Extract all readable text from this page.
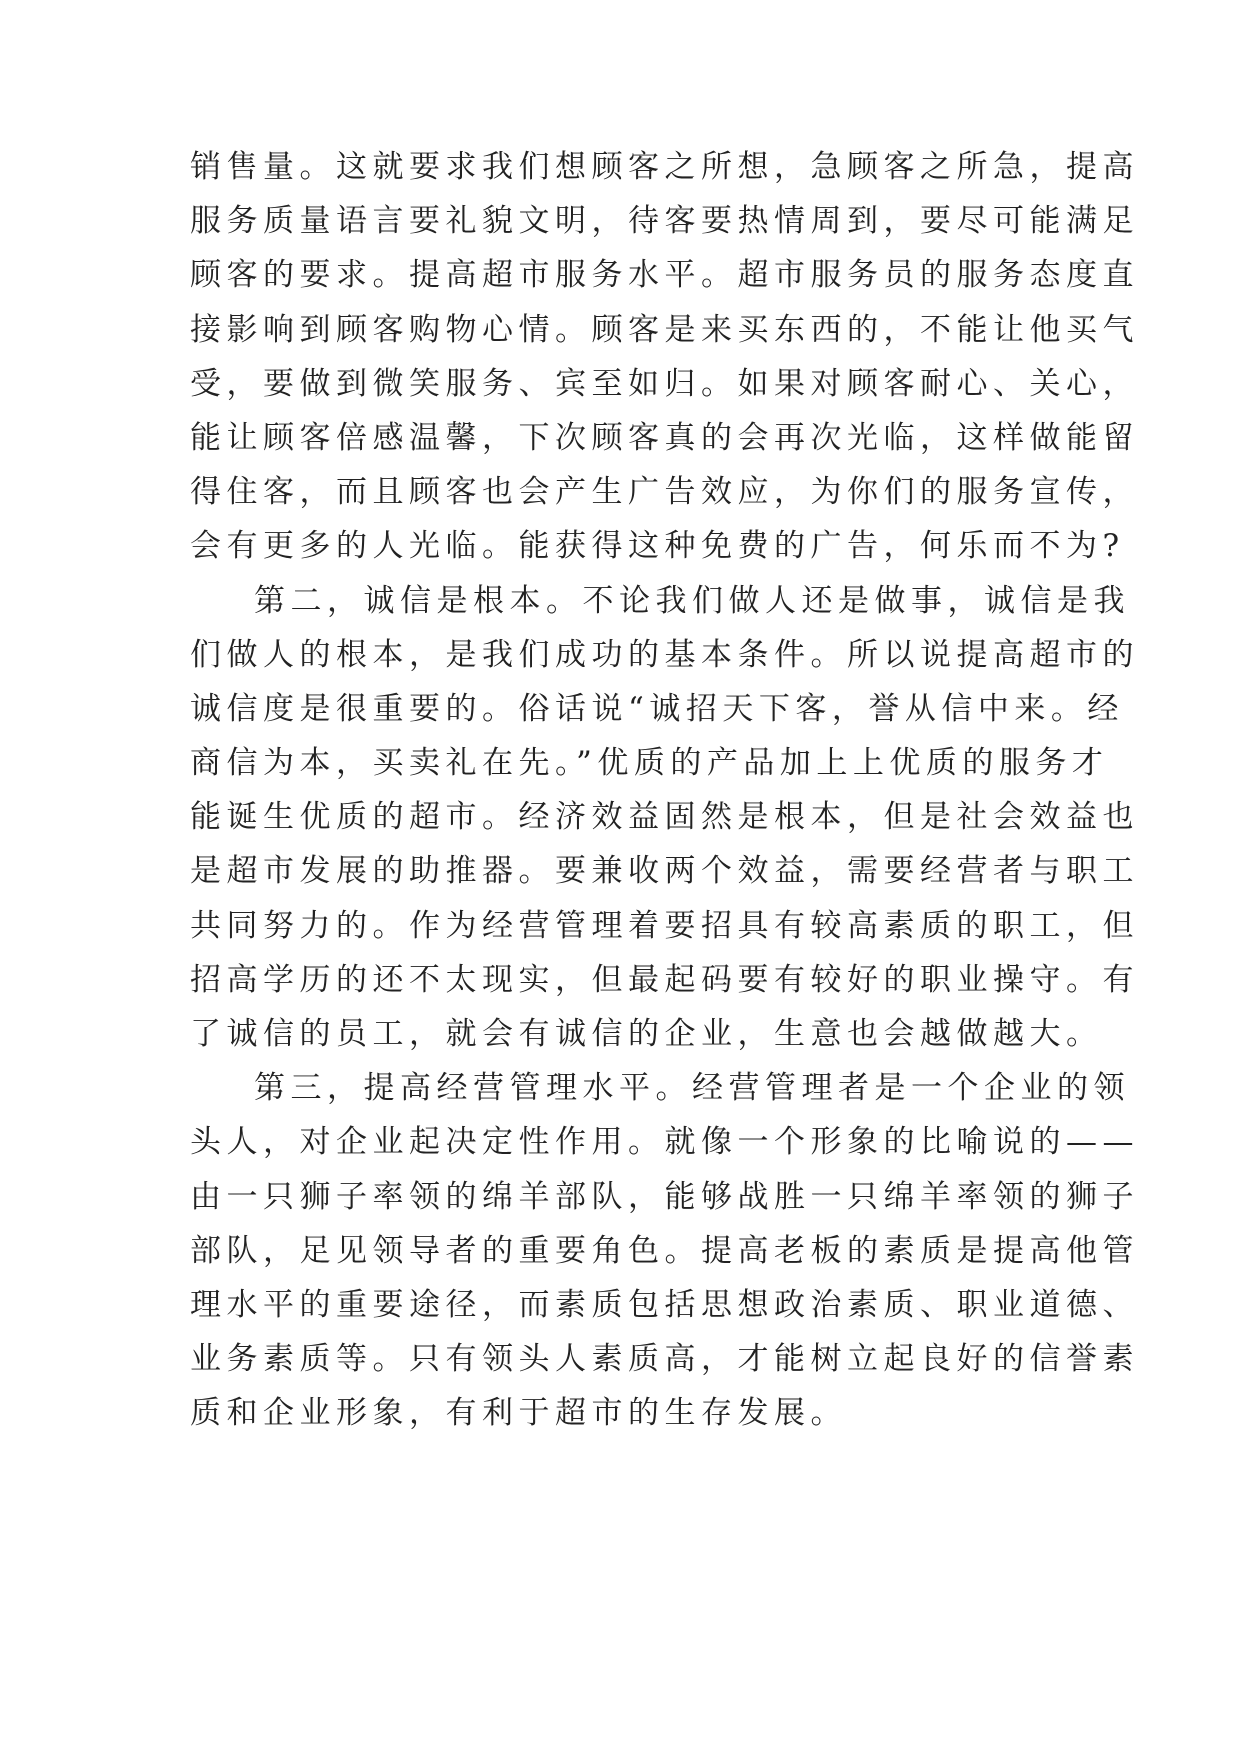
销售量。这就要求我们想顾客之所想，急顾客之所急，提高
服务质量语言要礼貌文明，待客要热情周到，要尽可能满足
顾客的要求。提高超市服务水平。超市服务员的服务态度直
接影响到顾客购物心情。顾客是来买东西的，不能让他买气
受，要做到微笑服务、宾至如归。如果对顾客耐心、关心，
能让顾客倍感温馨，下次顾客真的会再次光临，这样做能留
得住客，而且顾客也会产生广告效应，为你们的服务宣传，
会有更多的人光临。能获得这种免费的广告，何乐而不为?
第二，诚信是根本。不论我们做人还是做事，诚信是我
们做人的根本，是我们成功的基本条件。所以说提高超市的
诚信度是很重要的。俗话说“诚招天下客，誉从信中来。经
商信为本，买卖礼在先。”优质的产品加上上优质的服务才
能诞生优质的超市。经济效益固然是根本，但是社会效益也
是超市发展的助推器。要兼收两个效益，需要经营者与职工
共同努力的。作为经营管理着要招具有较高素质的职工，但
招高学历的还不太现实，但最起码要有较好的职业操守。有
了诚信的员工，就会有诚信的企业，生意也会越做越大。
第三，提高经营管理水平。经营管理者是一个企业的领
头人，对企业起决定性作用。就像一个形象的比喻说的——
由一只狮子率领的绵羊部队，能够战胜一只绵羊率领的狮子
部队，足见领导者的重要角色。提高老板的素质是提高他管
理水平的重要途径，而素质包括思想政治素质、职业道德、
业务素质等。只有领头人素质高，才能树立起良好的信誉素
质和企业形象，有利于超市的生存发展。
